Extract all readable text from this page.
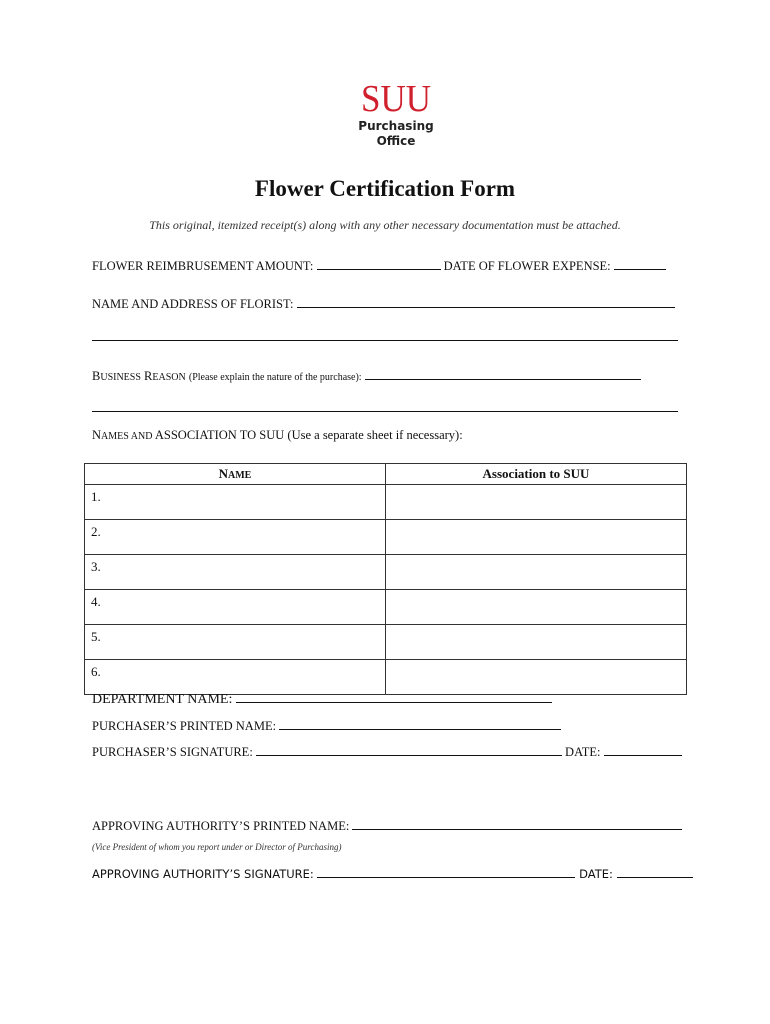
SUU
Purchasing
Office
Flower Certification Form
This original, itemized receipt(s) along with any other necessary documentation must be attached.
FLOWER REIMBRUSEMENT AMOUNT:	DATE OF FLOWER EXPENSE:
NAME AND ADDRESS OF FLORIST:
BUSINESS REASON (Please explain the nature of the purchase):
NAMES AND ASSOCIATION TO SUU (Use a separate sheet if necessary):
NAME	Association to SUU
1.	
2.	
3.	
4.	
5.	
6.	
DEPARTMENT NAME:
PURCHASER’S PRINTED NAME:
PURCHASER’S SIGNATURE:	DATE:
APPROVING AUTHORITY’S PRINTED NAME:
(Vice President of whom you report under or Director of Purchasing)
APPROVING AUTHORITY’S SIGNATURE:	DATE:
